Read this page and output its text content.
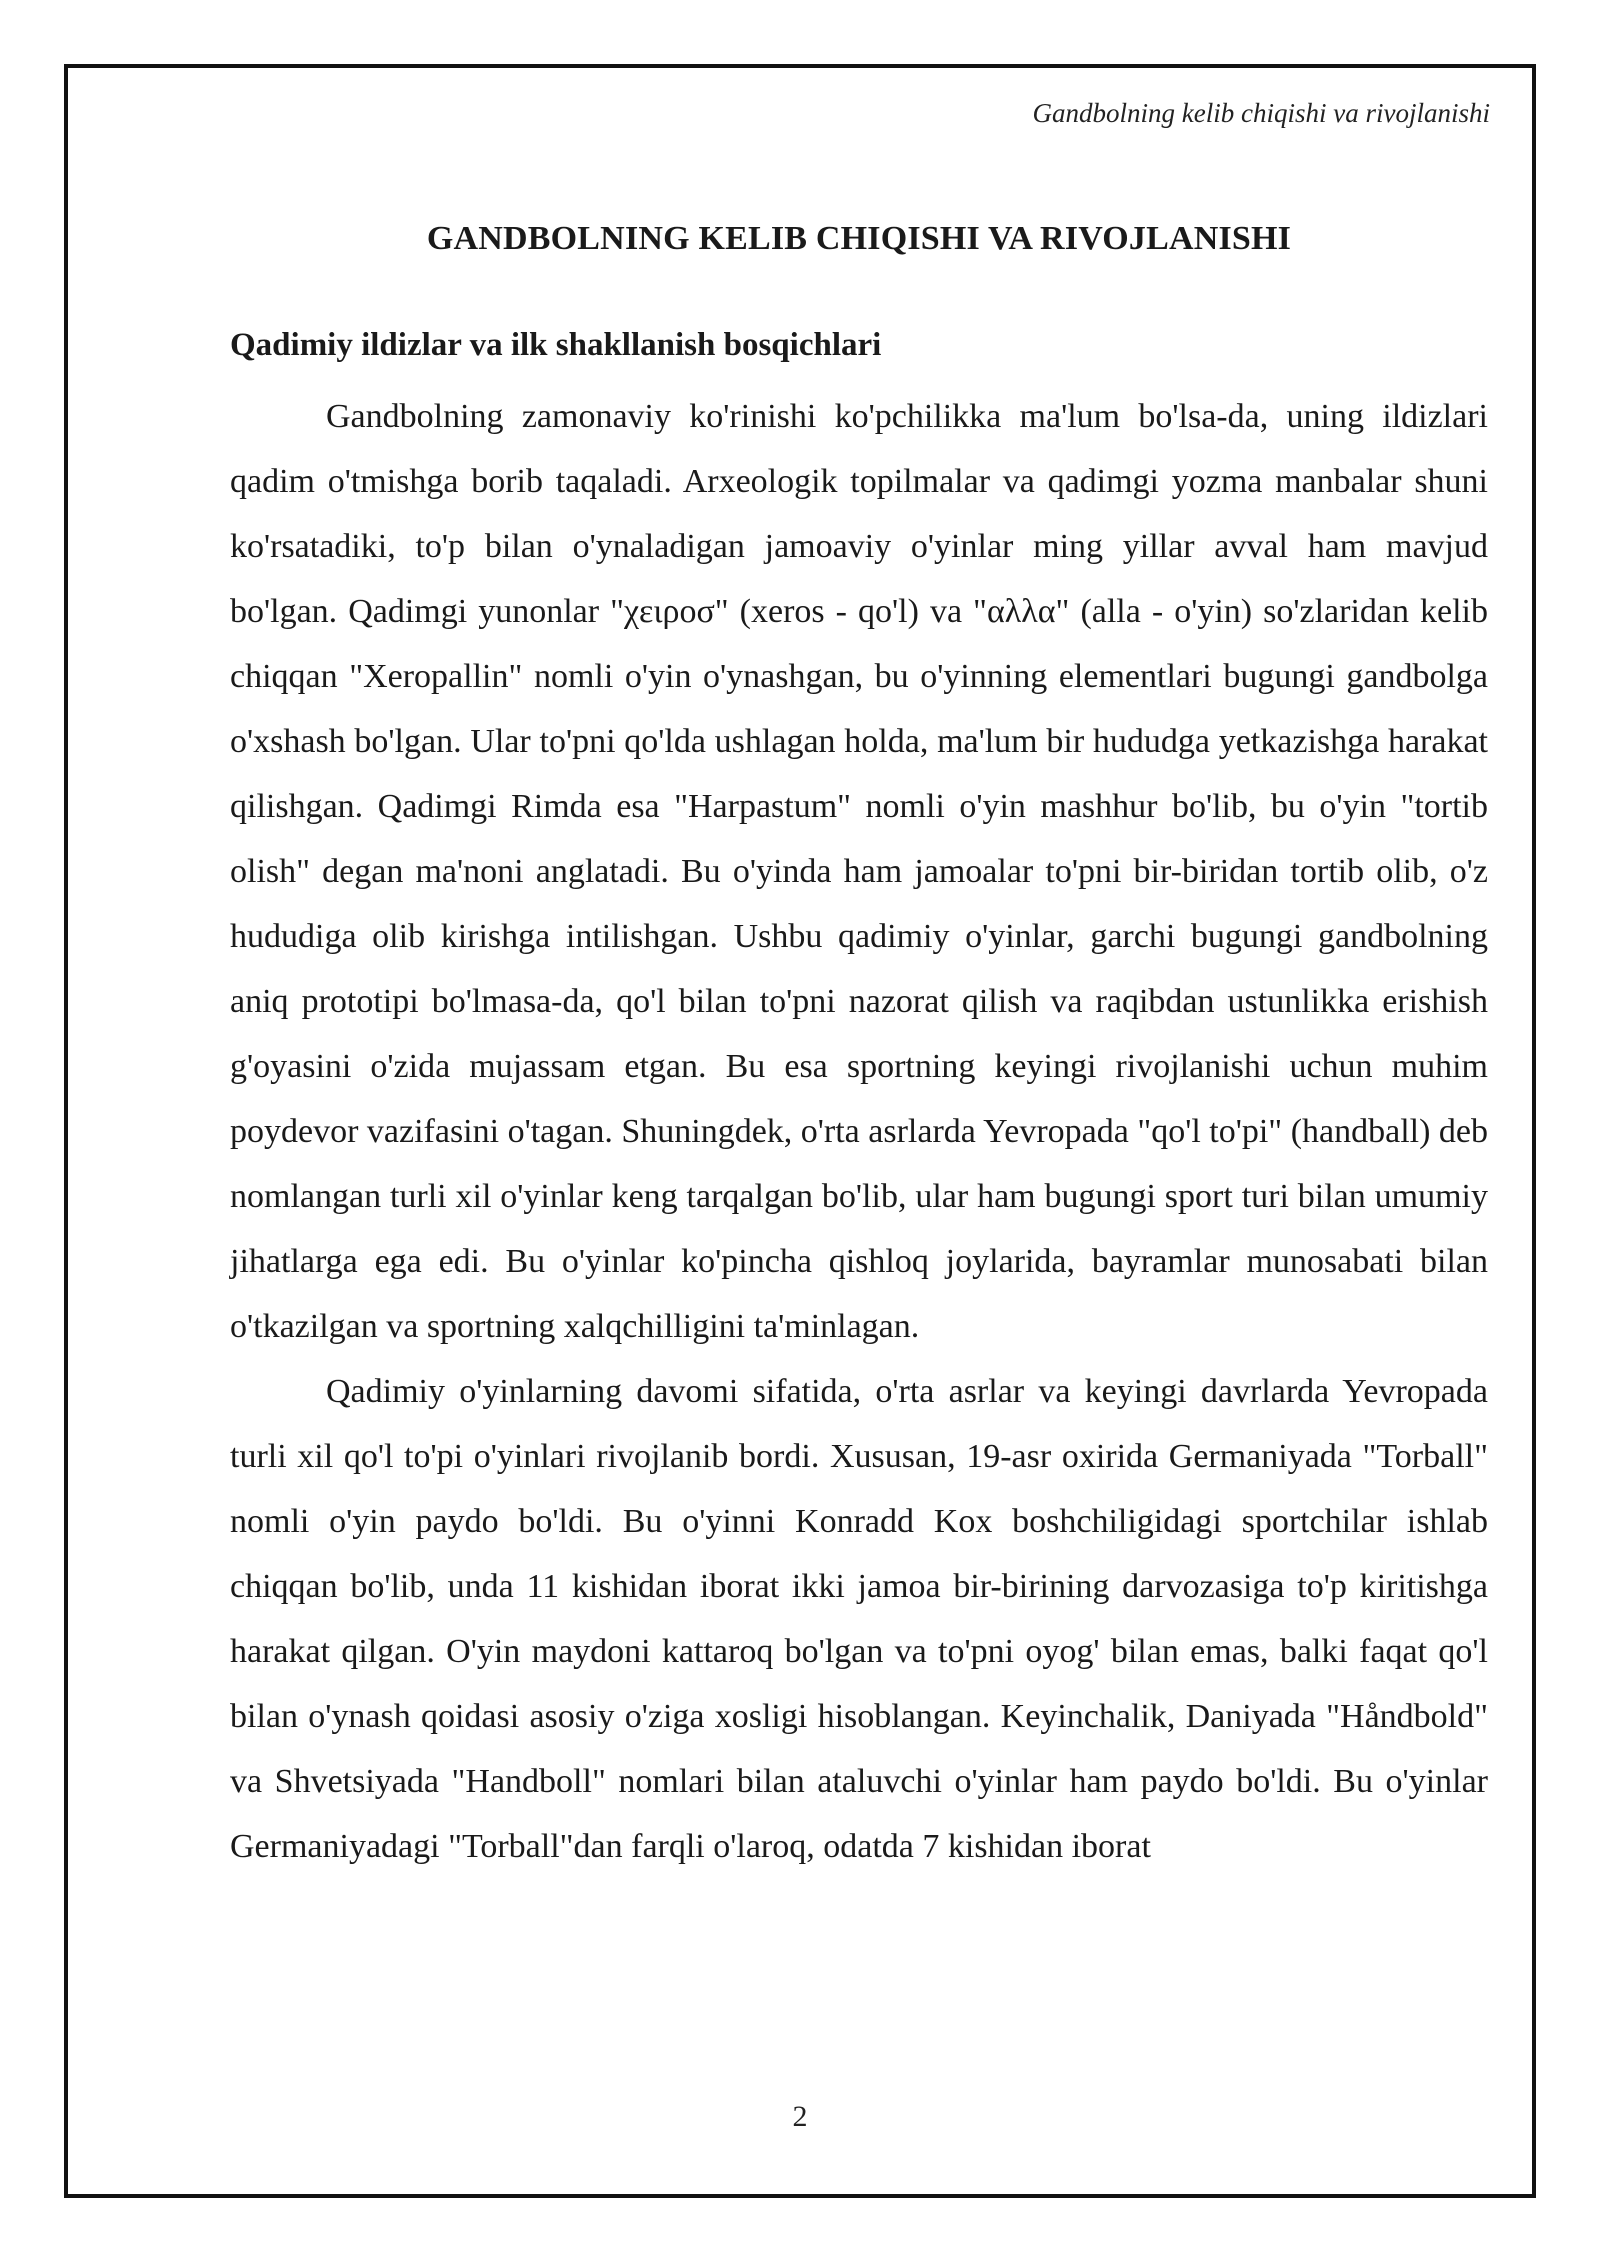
Gandbolning kelib chiqishi va rivojlanishi
GANDBOLNING KELIB CHIQISHI VA RIVOJLANISHI
Qadimiy ildizlar va ilk shakllanish bosqichlari

Gandbolning zamonaviy ko'rinishi ko'pchilikka ma'lum bo'lsa-da, uning ildizlari qadim o'tmishga borib taqaladi. Arxeologik topilmalar va qadimgi yozma manbalar shuni ko'rsatadiki, to'p bilan o'ynaladigan jamoaviy o'yinlar ming yillar avval ham mavjud bo'lgan. Qadimgi yunonlar "χειροσ" (xeros - qo'l) va "αλλα" (alla - o'yin) so'zlaridan kelib chiqqan "Xeropallin" nomli o'yin o'ynashgan, bu o'yinning elementlari bugungi gandbolga o'xshash bo'lgan. Ular to'pni qo'lda ushlagan holda, ma'lum bir hududga yetkazishga harakat qilishgan. Qadimgi Rimda esa "Harpastum" nomli o'yin mashhur bo'lib, bu o'yin "tortib olish" degan ma'noni anglatadi. Bu o'yinda ham jamoalar to'pni bir-biridan tortib olib, o'z hududiga olib kirishga intilishgan. Ushbu qadimiy o'yinlar, garchi bugungi gandbolning aniq prototipi bo'lmasa-da, qo'l bilan to'pni nazorat qilish va raqibdan ustunlikka erishish g'oyasini o'zida mujassam etgan. Bu esa sportning keyingi rivojlanishi uchun muhim poydevor vazifasini o'tagan. Shuningdek, o'rta asrlarda Yevropada "qo'l to'pi" (handball) deb nomlangan turli xil o'yinlar keng tarqalgan bo'lib, ular ham bugungi sport turi bilan umumiy jihatlarga ega edi. Bu o'yinlar ko'pincha qishloq joylarida, bayramlar munosabati bilan o'tkazilgan va sportning xalqchilligini ta'minlagan.

Qadimiy o'yinlarning davomi sifatida, o'rta asrlar va keyingi davrlarda Yevropada turli xil qo'l to'pi o'yinlari rivojlanib bordi. Xususan, 19-asr oxirida Germaniyada "Torball" nomli o'yin paydo bo'ldi. Bu o'yinni Konradd Kox boshchiligidagi sportchilar ishlab chiqqan bo'lib, unda 11 kishidan iborat ikki jamoa bir-birining darvozasiga to'p kiritishga harakat qilgan. O'yin maydoni kattaroq bo'lgan va to'pni oyog' bilan emas, balki faqat qo'l bilan o'ynash qoidasi asosiy o'ziga xosligi hisoblangan. Keyinchalik, Daniyada "Håndbold" va Shvetsiyada "Handboll" nomlari bilan ataluvchi o'yinlar ham paydo bo'ldi. Bu o'yinlar Germaniyadagi "Torball"dan farqli o'laroq, odatda 7 kishidan iborat

2
